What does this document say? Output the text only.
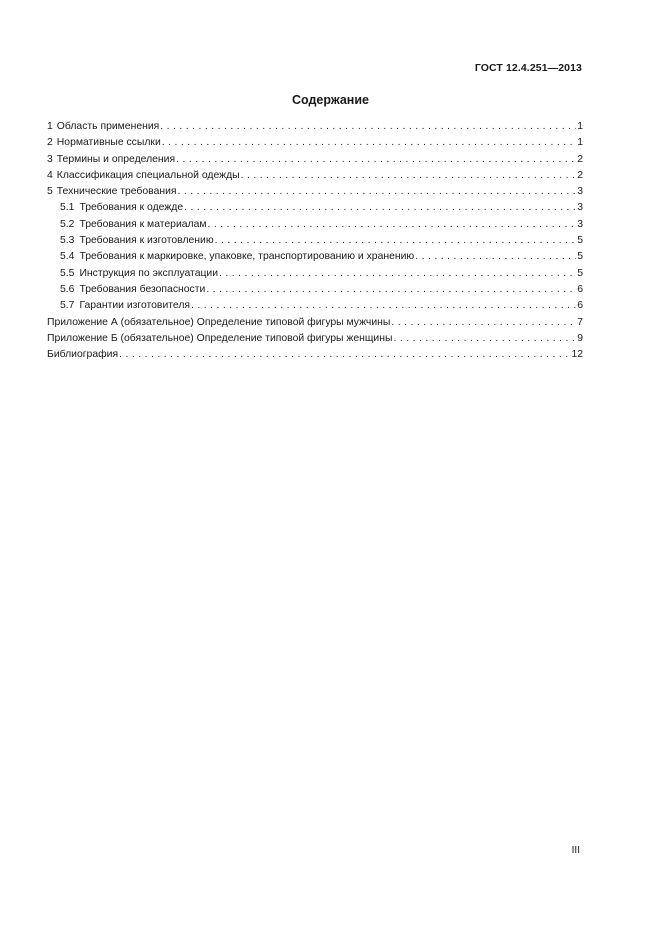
ГОСТ 12.4.251—2013
Содержание
1 Область применения . . .	1
2 Нормативные ссылки . . .	1
3 Термины и определения . . .	2
4 Классификация специальной одежды . . .	2
5 Технические требования . . .	3
5.1 Требования к одежде . . .	3
5.2 Требования к материалам . . .	3
5.3 Требования к изготовлению . . .	5
5.4 Требования к маркировке, упаковке, транспортированию и хранению . . .	5
5.5 Инструкция по эксплуатации . . .	5
5.6 Требования безопасности . . .	6
5.7 Гарантии изготовителя . . .	6
Приложение А (обязательное) Определение типовой фигуры мужчины . . .	7
Приложение Б (обязательное) Определение типовой фигуры женщины . . .	9
Библиография . . .	12
III
